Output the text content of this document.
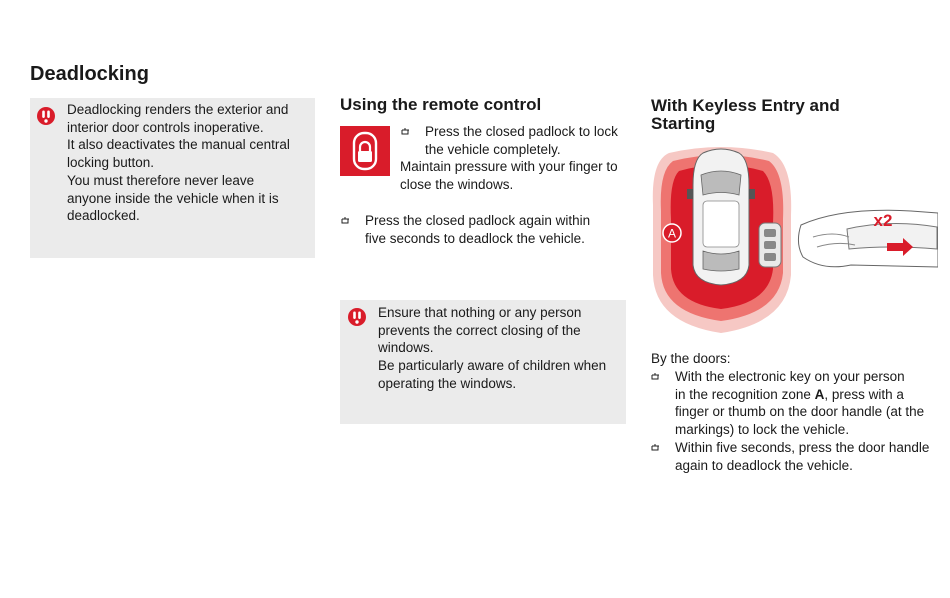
Deadlocking
Deadlocking renders the exterior and
interior door controls inoperative.
It also deactivates the manual central
locking button.
You must therefore never leave
anyone inside the vehicle when it is
deadlocked.
Using the remote control
Press the closed padlock to lock
the vehicle completely.
Maintain pressure with your finger to
close the windows.
Press the closed padlock again within
five seconds to deadlock the vehicle.
Ensure that nothing or any person
prevents the correct closing of the
windows.
Be particularly aware of children when
operating the windows.
With Keyless Entry and
Starting
A
x2
By the doors:
With the electronic key on your person
in the recognition zone A, press with a
finger or thumb on the door handle (at the
markings) to lock the vehicle.
Within five seconds, press the door handle
again to deadlock the vehicle.
